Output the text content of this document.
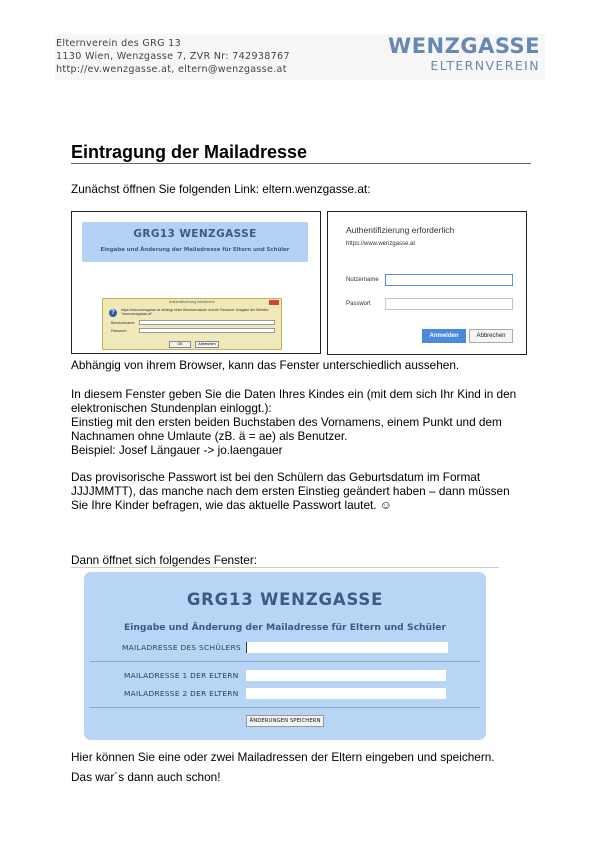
Elternverein des GRG 13
1130 Wien, Wenzgasse 7, ZVR Nr: 742938767
http://ev.wenzgasse.at, eltern@wenzgasse.at
WENZGASSE
ELTERNVEREIN
Eintragung der Mailadresse
Zunächst öffnen Sie folgenden Link: eltern.wenzgasse.at:
GRG13 WENZGASSE
Eingabe und Änderung der Mailadresse für Eltern und Schüler
Authentifizierung erforderlich
?	https://www.wenzgasse.at verlangt einen Benutzernamen und ein Passwort. Ausgabe der Website:
"www.wenzgasse.at"
Benutzername:
Passwort:
OK	Abbrechen
Authentifizierung erforderlich
https://www.wenzgasse.at
Nutzername
Passwort
Anmelden	Abbrechen
Abhängig von ihrem Browser, kann das Fenster unterschiedlich aussehen.
In diesem Fenster geben Sie die Daten Ihres Kindes ein (mit dem sich Ihr Kind in den
elektronischen Stundenplan einloggt.):
Einstieg mit den ersten beiden Buchstaben des Vornamens, einem Punkt und dem
Nachnamen ohne Umlaute (zB. ä = ae) als Benutzer.
Beispiel: Josef Längauer -> jo.laengauer
Das provisorische Passwort ist bei den Schülern das Geburtsdatum im Format
JJJJMMTT), das manche nach dem ersten Einstieg geändert haben – dann müssen
Sie Ihre Kinder befragen, wie das aktuelle Passwort lautet. ☺
Dann öffnet sich folgendes Fenster:
GRG13 WENZGASSE
Eingabe und Änderung der Mailadresse für Eltern und Schüler
MAILADRESSE DES SCHÜLERS
MAILADRESSE 1 DER ELTERN
MAILADRESSE 2 DER ELTERN
ÄNDERUNGEN SPEICHERN
Hier können Sie eine oder zwei Mailadressen der Eltern eingeben und speichern.
Das war´s dann auch schon!
